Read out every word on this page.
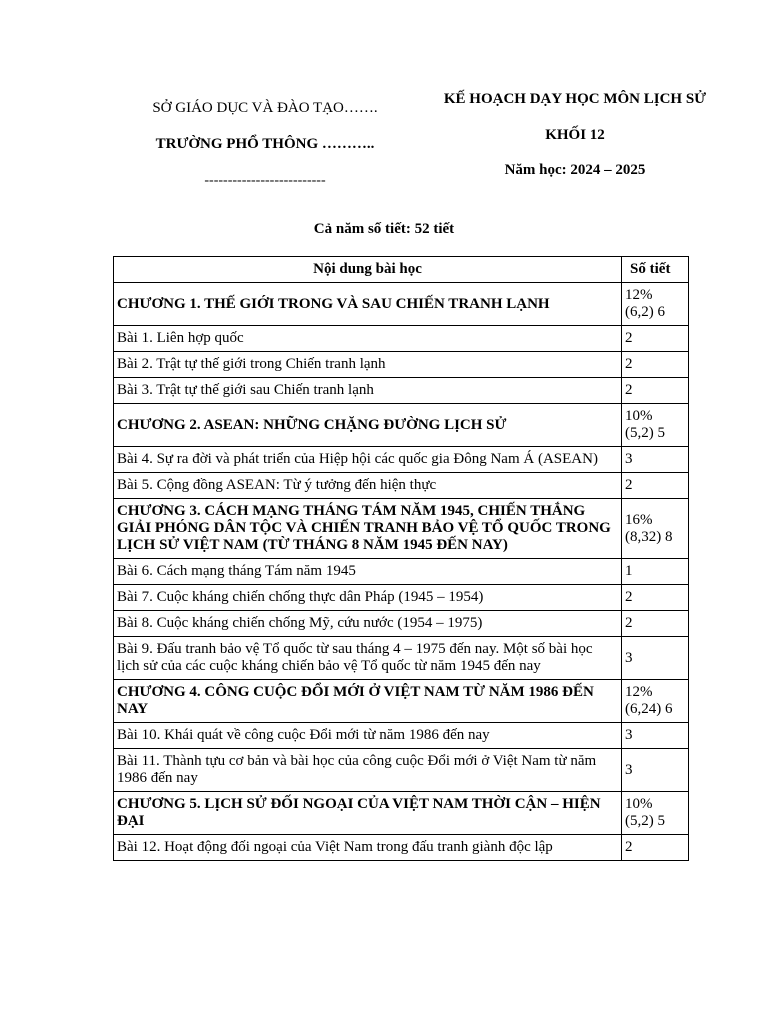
SỞ GIÁO DỤC VÀ ĐÀO TẠO…….
TRƯỜNG PHỔ THÔNG ………..
--------------------------
KẾ HOẠCH DẠY HỌC MÔN LỊCH SỬ
KHỐI 12
Năm học: 2024 – 2025
Cả năm số tiết: 52 tiết
Nội dung bài học	Số tiết
CHƯƠNG 1. THẾ GIỚI TRONG VÀ SAU CHIẾN TRANH LẠNH	12% (6,2) 6
Bài 1. Liên hợp quốc	2
Bài 2. Trật tự thế giới trong Chiến tranh lạnh	2
Bài 3. Trật tự thế giới sau Chiến tranh lạnh	2
CHƯƠNG 2. ASEAN: NHỮNG CHẶNG ĐƯỜNG LỊCH SỬ	10% (5,2) 5
Bài 4. Sự ra đời và phát triển của Hiệp hội các quốc gia Đông Nam Á (ASEAN)	3
Bài 5. Cộng đồng ASEAN: Từ ý tưởng đến hiện thực	2
CHƯƠNG 3. CÁCH MẠNG THÁNG TÁM NĂM 1945, CHIẾN THẮNG GIẢI PHÓNG DÂN TỘC VÀ CHIẾN TRANH BẢO VỆ TỔ QUỐC TRONG LỊCH SỬ VIỆT NAM (TỪ THÁNG 8 NĂM 1945 ĐẾN NAY)	16% (8,32) 8
Bài 6. Cách mạng tháng Tám năm 1945	1
Bài 7. Cuộc kháng chiến chống thực dân Pháp (1945 – 1954)	2
Bài 8. Cuộc kháng chiến chống Mỹ, cứu nước (1954 – 1975)	2
Bài 9. Đấu tranh bảo vệ Tổ quốc từ sau tháng 4 – 1975 đến nay. Một số bài học lịch sử của các cuộc kháng chiến bảo vệ Tổ quốc từ năm 1945 đến nay	3
CHƯƠNG 4. CÔNG CUỘC ĐỔI MỚI Ở VIỆT NAM TỪ NĂM 1986 ĐẾN NAY	12% (6,24) 6
Bài 10. Khái quát về công cuộc Đổi mới từ năm 1986 đến nay	3
Bài 11. Thành tựu cơ bản và bài học của công cuộc Đổi mới ở Việt Nam từ năm 1986 đến nay	3
CHƯƠNG 5. LỊCH SỬ ĐỐI NGOẠI CỦA VIỆT NAM THỜI CẬN – HIỆN ĐẠI	10% (5,2) 5
Bài 12. Hoạt động đối ngoại của Việt Nam trong đấu tranh giành độc lập	2
